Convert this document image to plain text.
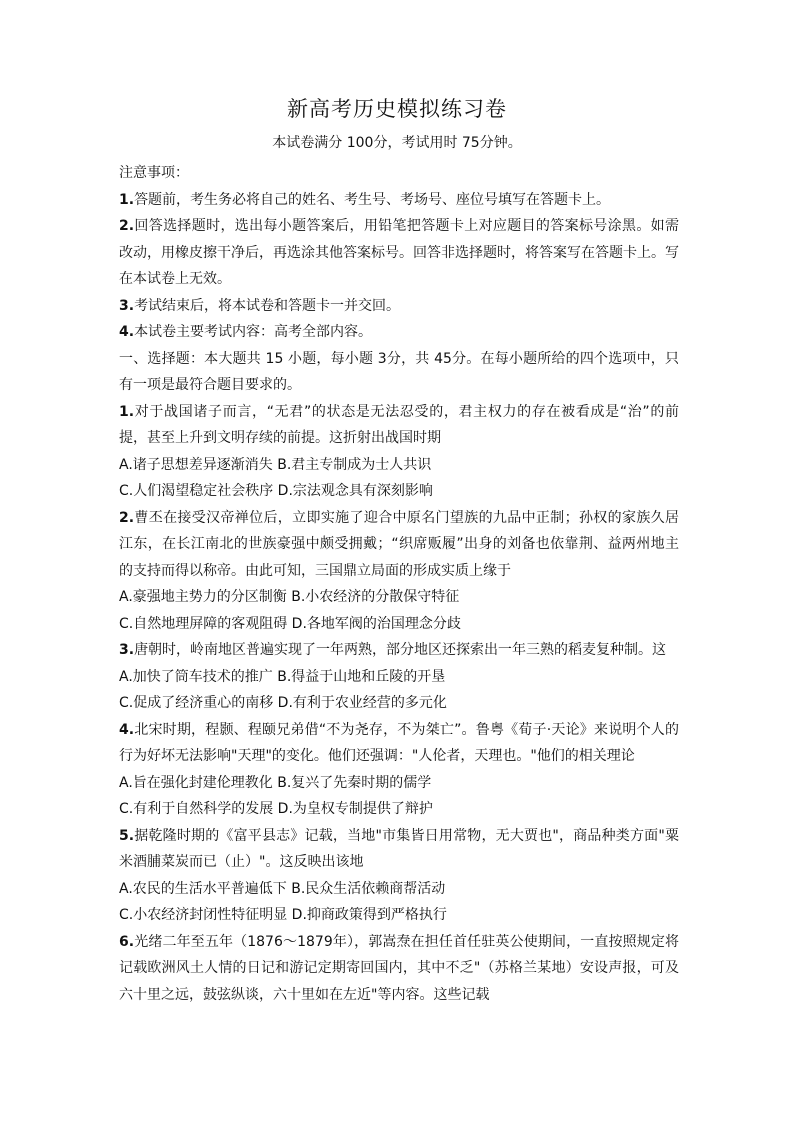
新高考历史模拟练习卷
本试卷满分 100分，考试用时 75分钟。

注意事项：

1.答题前，考生务必将自己的姓名、考生号、考场号、座位号填写在答题卡上。

2.回答选择题时，选出每小题答案后，用铅笔把答题卡上对应题目的答案标号涂黑。如需改动，用橡皮擦干净后，再选涂其他答案标号。回答非选择题时，将答案写在答题卡上。写在本试卷上无效。

3.考试结束后，将本试卷和答题卡一并交回。

4.本试卷主要考试内容：高考全部内容。

一、选择题：本大题共 15 小题，每小题 3分，共 45分。在每小题所给的四个选项中，只有一项是最符合题目要求的。

1.对于战国诸子而言，“无君”的状态是无法忍受的，君主权力的存在被看成是“治”的前提，甚至上升到文明存续的前提。这折射出战国时期

A.诸子思想差异逐渐消失 B.君主专制成为士人共识

C.人们渴望稳定社会秩序 D.宗法观念具有深刻影响

2.曹丕在接受汉帝禅位后，立即实施了迎合中原名门望族的九品中正制；孙权的家族久居江东，在长江南北的世族豪强中颇受拥戴；“织席贩履”出身的刘备也依靠荆、益两州地主的支持而得以称帝。由此可知，三国鼎立局面的形成实质上缘于

A.豪强地主势力的分区制衡 B.小农经济的分散保守特征

C.自然地理屏障的客观阻碍 D.各地军阀的治国理念分歧

3.唐朝时，岭南地区普遍实现了一年两熟，部分地区还探索出一年三熟的稻麦复种制。这

A.加快了筒车技术的推广 B.得益于山地和丘陵的开垦

C.促成了经济重心的南移 D.有利于农业经营的多元化

4.北宋时期，程颢、程颐兄弟借“不为尧存，不为桀亡”。鲁粤《荀子·天论》来说明个人的行为好坏无法影响"天理"的变化。他们还强调："人伦者，天理也。"他们的相关理论

A.旨在强化封建伦理教化 B.复兴了先秦时期的儒学

C.有利于自然科学的发展 D.为皇权专制提供了辩护

5.据乾隆时期的《富平县志》记载，当地"市集皆日用常物，无大贾也"，商品种类方面"粟米酒脯菜炭而已（止）"。这反映出该地

A.农民的生活水平普遍低下 B.民众生活依赖商帮活动

C.小农经济封闭性特征明显 D.抑商政策得到严格执行

6.光绪二年至五年（1876～1879年），郭嵩焘在担任首任驻英公使期间，一直按照规定将记载欧洲风土人情的日记和游记定期寄回国内，其中不乏"（苏格兰某地）安设声报，可及六十里之远，鼓弦纵谈，六十里如在左近"等内容。这些记载
